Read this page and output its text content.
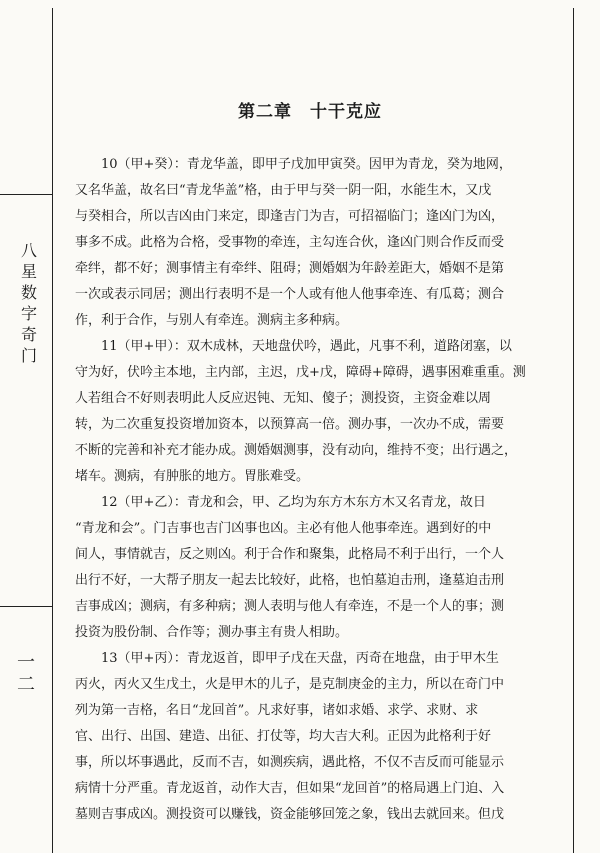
八星数字奇门
一二
第二章　十干克应
10（甲+癸）：青龙华盖，即甲子戊加甲寅癸。因甲为青龙，癸为地网，
又名华盖，故名曰“青龙华盖”格，由于甲与癸一阴一阳，水能生木，又戊
与癸相合，所以吉凶由门来定，即逢吉门为吉，可招福临门；逢凶门为凶，
事多不成。此格为合格，受事物的牵连，主勾连合伙，逢凶门则合作反而受
牵绊，都不好；测事情主有牵绊、阻碍；测婚姻为年龄差距大，婚姻不是第
一次或表示同居；测出行表明不是一个人或有他人他事牵连、有瓜葛；测合
作，利于合作，与别人有牵连。测病主多种病。
11（甲+甲）：双木成林，天地盘伏吟，遇此，凡事不利，道路闭塞，以
守为好，伏吟主本地，主内部，主迟，戊+戊，障碍+障碍，遇事困难重重。测
人若组合不好则表明此人反应迟钝、无知、傻子；测投资，主资金难以周
转，为二次重复投资增加资本，以预算高一倍。测办事，一次办不成，需要
不断的完善和补充才能办成。测婚姻测事，没有动向，维持不变；出行遇之，
堵车。测病，有肿胀的地方。胃胀难受。
12（甲+乙）：青龙和会，甲、乙均为东方木东方木又名青龙，故日
“青龙和会”。门吉事也吉门凶事也凶。主必有他人他事牵连。遇到好的中
间人，事情就吉，反之则凶。利于合作和聚集，此格局不利于出行，一个人
出行不好，一大帮子朋友一起去比较好，此格，也怕墓迫击刑，逢墓迫击刑
吉事成凶；测病，有多种病；测人表明与他人有牵连，不是一个人的事；测
投资为股份制、合作等；测办事主有贵人相助。
13（甲+丙）：青龙返首，即甲子戊在天盘，丙奇在地盘，由于甲木生
丙火，丙火又生戊土，火是甲木的儿子，是克制庚金的主力，所以在奇门中
列为第一吉格，名日“龙回首”。凡求好事，诸如求婚、求学、求财、求
官、出行、出国、建造、出征、打仗等，均大吉大利。正因为此格利于好
事，所以坏事遇此，反而不吉，如测疾病，遇此格，不仅不吉反而可能显示
病情十分严重。青龙返首，动作大吉，但如果“龙回首”的格局遇上门迫、入
墓则吉事成凶。测投资可以赚钱，资金能够回笼之象，钱出去就回来。但戊
